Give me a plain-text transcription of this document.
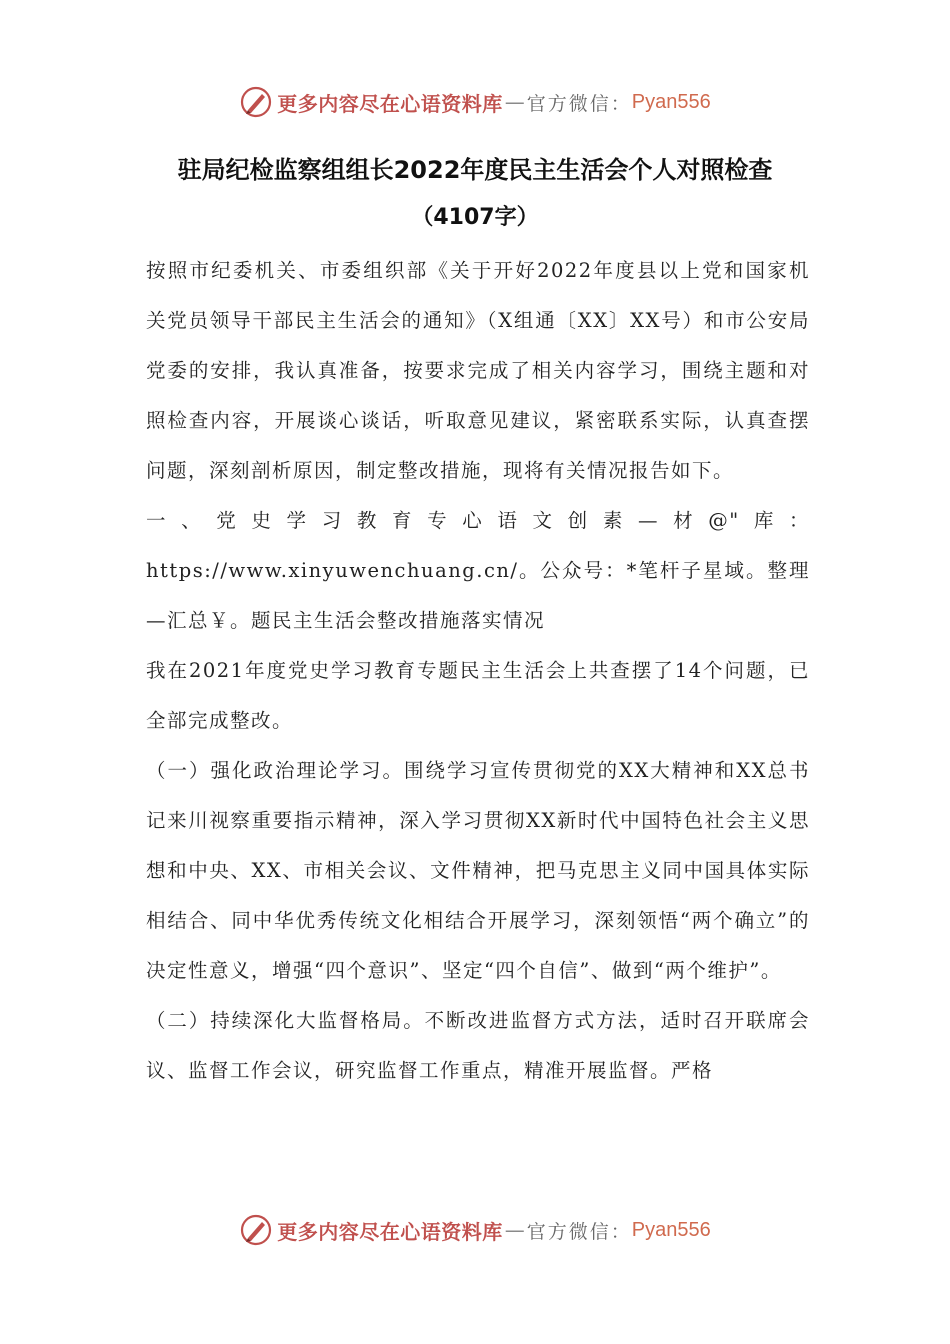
更多内容尽在心语资料库 — 官方微信： Pyan556
驻局纪检监察组组长2022年度民主生活会个人对照检查
（4107字）

按照市纪委机关、市委组织部《关于开好2022年度县以上党和国家机关党员领导干部民主生活会的通知》（X组通〔XX〕XX号）和市公安局党委的安排，我认真准备，按要求完成了相关内容学习，围绕主题和对照检查内容，开展谈心谈话，听取意见建议，紧密联系实际，认真查摆问题，深刻剖析原因，制定整改措施，现将有关情况报告如下。

一、党史学习教育专心语文创素—材@"库：https://www.xinyuwenchuang.cn/。公众号：*笔杆子星域。整理—汇总￥。题民主生活会整改措施落实情况

我在2021年度党史学习教育专题民主生活会上共查摆了14个问题，已全部完成整改。

（一）强化政治理论学习。围绕学习宣传贯彻党的XX大精神和XX总书记来川视察重要指示精神，深入学习贯彻XX新时代中国特色社会主义思想和中央、XX、市相关会议、文件精神，把马克思主义同中国具体实际相结合、同中华优秀传统文化相结合开展学习，深刻领悟“两个确立”的决定性意义，增强“四个意识”、坚定“四个自信”、做到“两个维护”。

（二）持续深化大监督格局。不断改进监督方式方法，适时召开联席会议、监督工作会议，研究监督工作重点，精准开展监督。严格

更多内容尽在心语资料库 — 官方微信： Pyan556
